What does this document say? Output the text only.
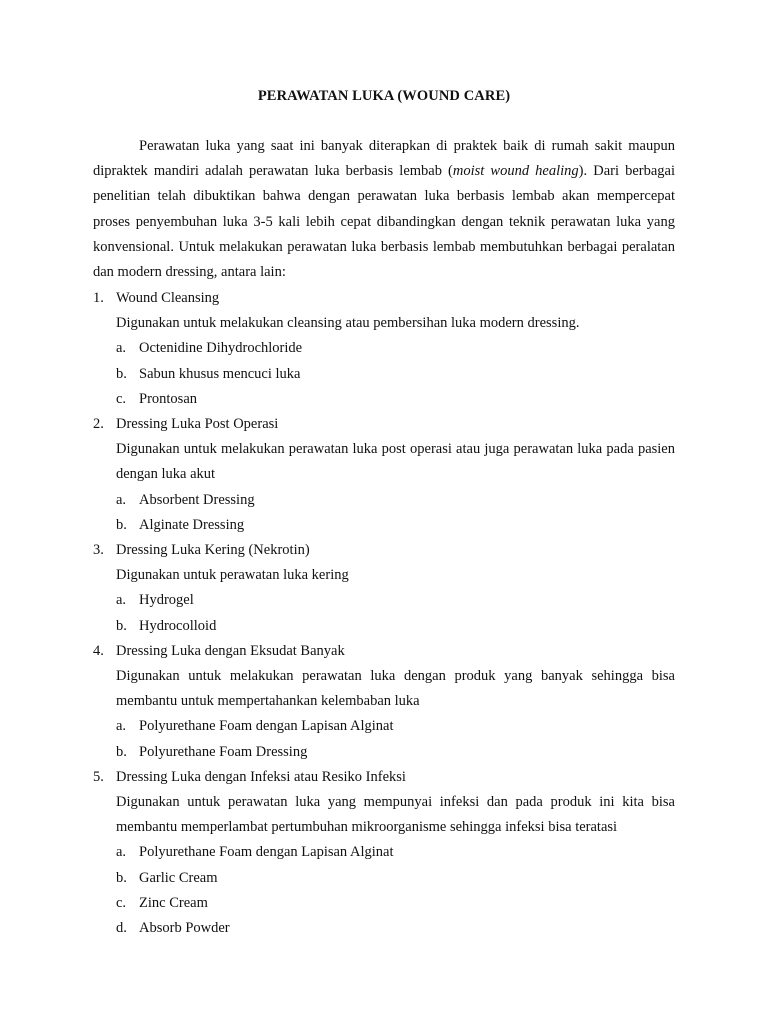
PERAWATAN LUKA (WOUND CARE)
Perawatan luka yang saat ini banyak diterapkan di praktek baik di rumah sakit maupun dipraktek mandiri adalah perawatan luka berbasis lembab (moist wound healing). Dari berbagai penelitian telah dibuktikan bahwa dengan perawatan luka berbasis lembab akan mempercepat proses penyembuhan luka 3-5 kali lebih cepat dibandingkan dengan teknik perawatan luka yang konvensional. Untuk melakukan perawatan luka berbasis lembab membutuhkan berbagai peralatan dan modern dressing, antara lain:
1. Wound Cleansing
Digunakan untuk melakukan cleansing atau pembersihan luka modern dressing.
a. Octenidine Dihydrochloride
b. Sabun khusus mencuci luka
c. Prontosan
2. Dressing Luka Post Operasi
Digunakan untuk melakukan perawatan luka post operasi atau juga perawatan luka pada pasien dengan luka akut
a. Absorbent Dressing
b. Alginate Dressing
3. Dressing Luka Kering (Nekrotin)
Digunakan untuk perawatan luka kering
a. Hydrogel
b. Hydrocolloid
4. Dressing Luka dengan Eksudat Banyak
Digunakan untuk melakukan perawatan luka dengan produk yang banyak sehingga bisa membantu untuk mempertahankan kelembaban luka
a. Polyurethane Foam dengan Lapisan Alginat
b. Polyurethane Foam Dressing
5. Dressing Luka dengan Infeksi atau Resiko Infeksi
Digunakan untuk perawatan luka yang mempunyai infeksi dan pada produk ini kita bisa membantu memperlambat pertumbuhan mikroorganisme sehingga infeksi bisa teratasi
a. Polyurethane Foam dengan Lapisan Alginat
b. Garlic Cream
c. Zinc Cream
d. Absorb Powder
